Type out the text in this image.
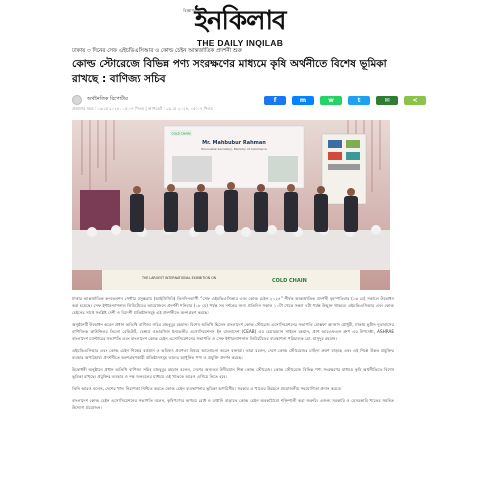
বিজ্ঞাপন
ইনকিলাব
THE DAILY INQILAB
ঢাকায় ৩ দিনের সেফ এইচভিএসিআর ও কোল্ড চেইন আন্তর্জাতিক প্রদর্শনী শুরু
কোল্ড স্টোরেজে বিভিন্ন পণ্য সংরক্ষণের মাধ্যমে কৃষি অর্থনীতে বিশেষ ভূমিকা রাখছে : বাণিজ্য সচিব
অর্থনৈতিক রিপোর্টার
প্রকাশের সময় : ১৬ মে ২০২৪, ০৫:০৭ পিএম | আপডেট : ১৬ মে ২০২৪, ০৫:০৭ পিএম
f	m	w	t	✉	<
COLD CHAIN
Mr. Mahbubur Rahman
Honorable Secretary, Ministry of Commerce
THE LARGEST INTERNATIONAL EXHIBITION ON	COLD CHAIN

ঢাকার আন্তর্জাতিক কনভেনশন সেন্টার বসুন্ধরায় (আইসিসিবি) তিনদিনব্যাপী “সেফ এইচভিএসিআর এবং কোল্ড চেইন ২০২৪” শীর্ষক আন্তর্জাতিক প্রদর্শনী বৃহস্পতিবার (১৬ মে) সকালে উদ্বোধন করা হয়েছে। সেফ ইন্টারন্যাশনাল লিমিটেডের আয়োজনে প্রদর্শনী শনিবার (১৮ মে) পর্যন্ত সব দর্শকের জন্য প্রতিদিন সকাল ১০টা থেকে সন্ধ্যা ৭টা পর্যন্ত উন্মুক্ত থাকবে। এইচভিএসিআর এবং কোল্ড চেইনের সাথে সংশ্লিষ্ট দেশী ও বিদেশী প্রতিষ্ঠানসমূহ এই প্রদর্শনীতে অংশগ্রহণ করছে।

অনুষ্ঠানটি উদ্বোধন করেন প্রধান অতিথি বাণিজ্য সচিব মাহবুবুর রহমান। বিশেষ অতিথি ছিলেন বাংলাদেশ কোল্ড স্টোরেজ এসোসিয়েশনের সভাপতি মোস্তফা আজাদ চৌধুরী, ঢাকায় ভুটান দূতাবাসের বাণিজ্যিক কাউন্সিলর তিলো রেভিউট, চেম্বার্ড ওভারসিজ ইনভেস্টর এসোসিয়েশনস ইন বাংলাদেশ (CEAB) এর চেয়ারম্যান সাইমন রহমান, প্রাণ আরএফএল গ্রুপ এর উপদেষ্টা, ASHRAE বাংলাদেশ চ্যাপ্টারের সভাপতি এবং বাংলাদেশ কোল্ড চেইন এসোসিয়েশনের সভাপতি ও সেফ ইন্টারন্যাশনাল লিমিটেডের ব্যবস্থাপনা পরিচালক মো. মাসুদুর রহমান।

এইচভিএসিআর এবং কোল্ড চেইন শিল্পের বর্তমান ও ভবিষ্যৎ প্রবণতা বিষয়ে আলোচনা করেন বক্তারা। তারা বলেন, দেশে কোল্ড স্টোরেজের চাহিদা ক্রমশ বাড়ছে এবং এই শিল্পে উন্নত প্রযুক্তির ব্যবহার অপরিহার্য। প্রদর্শনীতে অংশগ্রহণকারী প্রতিষ্ঠানসমূহ তাদের আধুনিক পণ্য ও প্রযুক্তি প্রদর্শন করছে।

উদ্বোধনী অনুষ্ঠানে প্রধান অতিথি বাণিজ্য সচিব মাহবুবুর রহমান বলেন, দেশের অন্যতম উদীয়মান শিল্প কোল্ড স্টোরেজ। কোল্ড স্টোরেজে বিভিন্ন পণ্য সংরক্ষণের মাধ্যমে কৃষি অর্থনীতিতে বিশেষ ভূমিকা রাখছে। প্রযুক্তির ব্যবহার ও দক্ষ জনবলের মাধ্যমে এই খাতকে আরও এগিয়ে নিতে হবে।

তিনি আরও বলেন, দেশের খাদ্য নিরাপত্তা নিশ্চিত করতে কোল্ড চেইন ব্যবস্থাপনার ভূমিকা অপরিসীম। সরকার এ খাতের উন্নয়নে প্রয়োজনীয় সহযোগিতা প্রদান করবে।

বাংলাদেশ কোল্ড চেইন এসোসিয়েশনের সভাপতি বলেন, কৃষিপণ্যের অপচয় রোধ ও রপ্তানি বাড়াতে কোল্ড চেইন অবকাঠামো শক্তিশালী করা জরুরি। এজন্য সরকারি ও বেসরকারি খাতের সমন্বিত উদ্যোগ প্রয়োজন।
